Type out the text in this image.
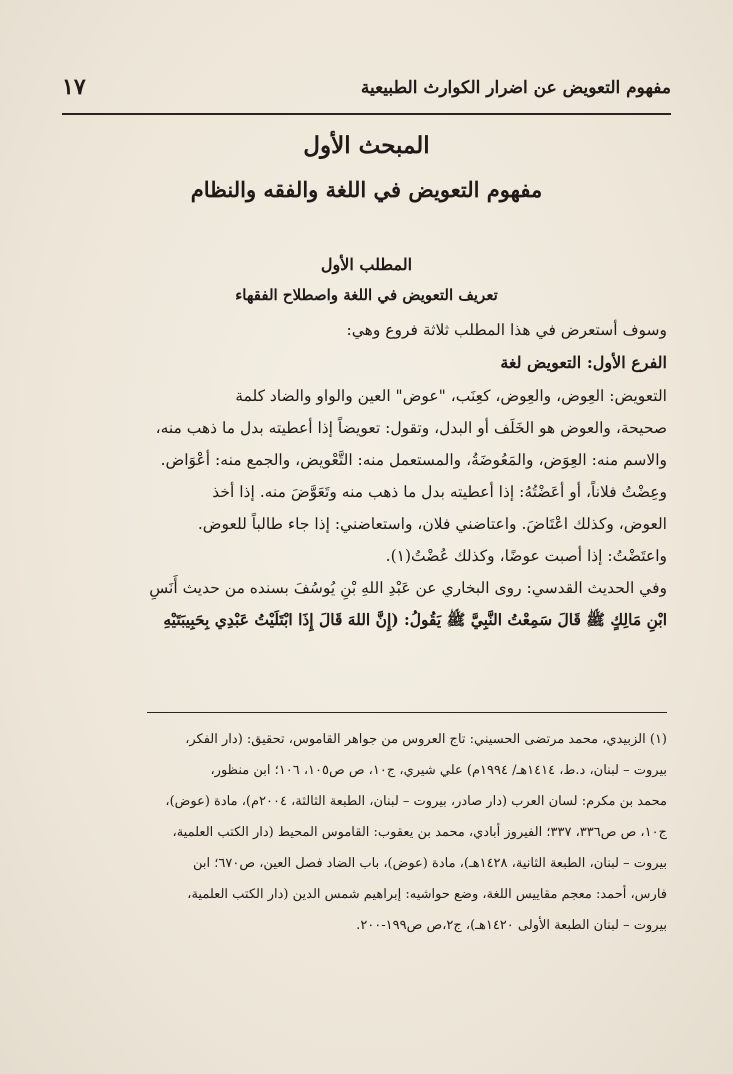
مفهوم التعويض عن اضرار الكوارث الطبيعية
١٧
المبحث الأول
مفهوم التعويض في اللغة والفقه والنظام
المطلب الأول
تعريف التعويض في اللغة واصطلاح الفقهاء

وسوف أستعرض في هذا المطلب ثلاثة فروع وهي:

الفرع الأول: التعويض لغة

التعويض: العِوض، والعِوض، كعِنَب، "عوض" العين والواو والضاد كلمة

صحيحة، والعوض هو الخَلَف أو البدل، وتقول: تعويضاً إذا أعطيته بدل ما ذهب منه،

والاسم منه: العِوَض، والمَعُوضَةُ، والمستعمل منه: التَّعْويض، والجمع منه: أعْوَاض.

وعِضْتُ فلاناً، أو أعَضْتُهُ: إذا أعطيته بدل ما ذهب منه وتَعَوَّضَ منه. إذا أخذ

العوض، وكذلك اعْتَاضَ. واعتاضني فلان، واستعاضني: إذا جاء طالباً للعوض.

واعتَضْتُ: إذا أصبت عوضًا، وكذلك عُضْتُ(١).

وفي الحديث القدسي: روى البخاري عن عَبْدِ اللهِ بْنِ يُوسُفَ بسنده من حديث أَنَسِ

ابْنِ مَالِكٍ ﷺ قَالَ سَمِعْتُ النَّبِيَّ ﷺ يَقُولُ: (إِنَّ اللهَ قَالَ إِذَا ابْتَلَيْتُ عَبْدِي بِحَبِيبَتَيْهِ

(١) الزبيدي، محمد مرتضى الحسيني: تاج العروس من جواهر القاموس، تحقيق: (دار الفكر،

بيروت – لبنان، د.ط، ١٤١٤هـ/ ١٩٩٤م) علي شيري، ج١٠، ص ص١٠٥، ١٠٦؛ ابن منظور،

محمد بن مكرم: لسان العرب (دار صادر، بيروت – لبنان، الطبعة الثالثة، ٢٠٠٤م)، مادة (عوض)،

ج١٠، ص ص٣٣٦، ٣٣٧؛ الفيروز أبادي، محمد بن يعقوب: القاموس المحيط (دار الكتب العلمية،

بيروت – لبنان، الطبعة الثانية، ١٤٢٨هـ)، مادة (عوض)، باب الضاد فصل العين، ص٦٧٠؛ ابن

فارس، أحمد: معجم مقاييس اللغة، وضع حواشيه: إبراهيم شمس الدين (دار الكتب العلمية،

بيروت – لبنان الطبعة الأولى ١٤٢٠هـ)، ج٢،ص ص١٩٩-٢٠٠.
